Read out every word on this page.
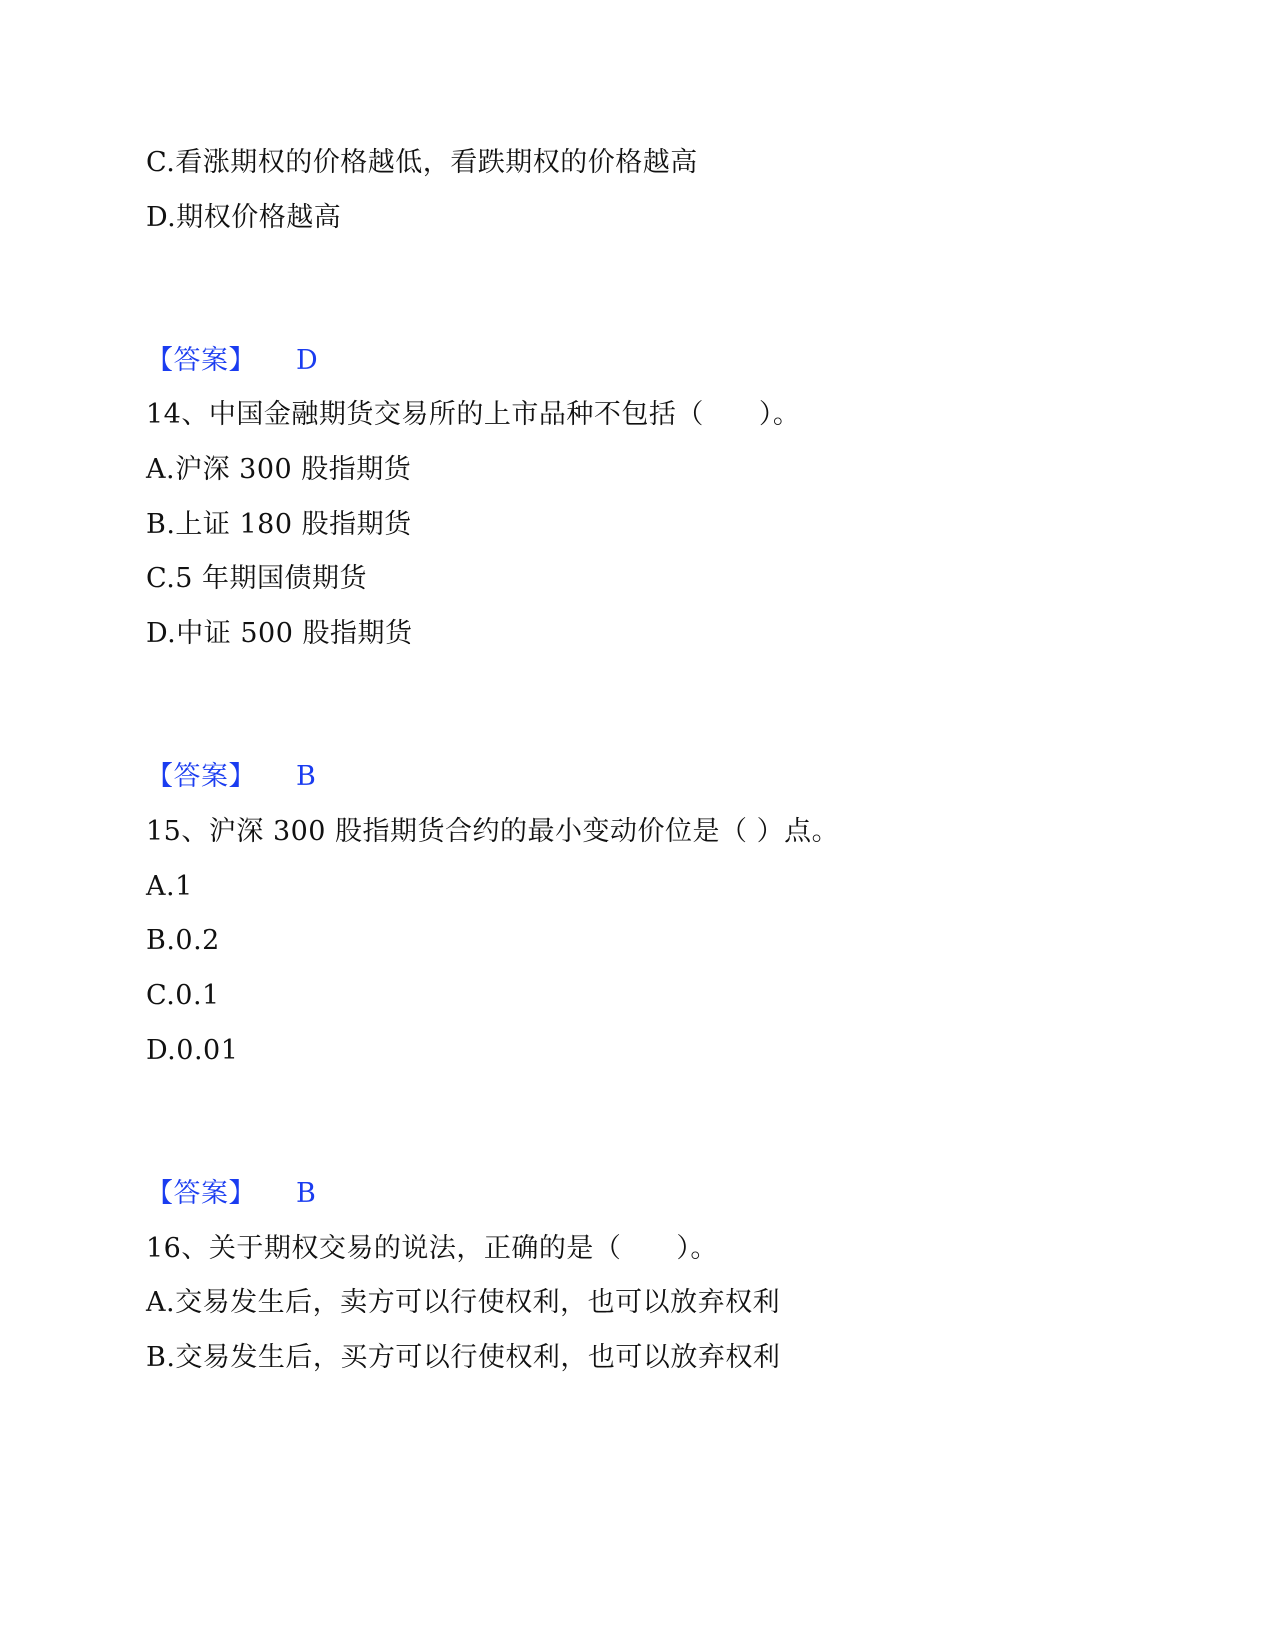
C.看涨期权的价格越低，看跌期权的价格越高
D.期权价格越高
【答案】 D
14、中国金融期货交易所的上市品种不包括（　　）。
A.沪深 300 股指期货
B.上证 180 股指期货
C.5 年期国债期货
D.中证 500 股指期货
【答案】 B
15、沪深 300 股指期货合约的最小变动价位是（ ）点。
A.1
B.0.2
C.0.1
D.0.01
【答案】 B
16、关于期权交易的说法，正确的是（　　）。
A.交易发生后，卖方可以行使权利，也可以放弃权利
B.交易发生后，买方可以行使权利，也可以放弃权利
